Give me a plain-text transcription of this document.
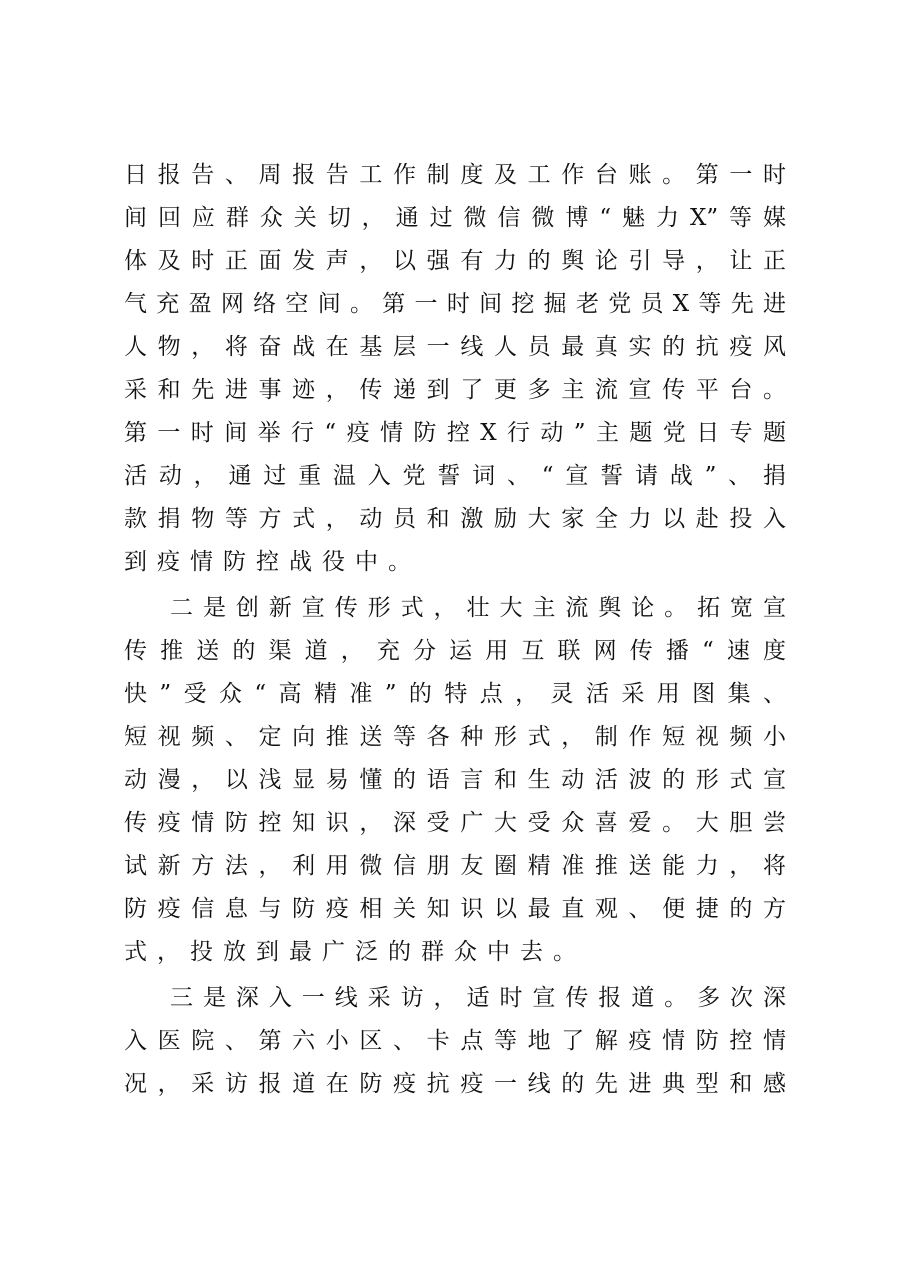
日报告、周报告工作制度及工作台账。第一时
间回应群众关切，通过微信微博“魅力X”等媒
体及时正面发声，以强有力的舆论引导，让正
气充盈网络空间。第一时间挖掘老党员X等先进
人物，将奋战在基层一线人员最真实的抗疫风
采和先进事迹，传递到了更多主流宣传平台。
第一时间举行“疫情防控X行动”主题党日专题
活动，通过重温入党誓词、“宣誓请战”、捐
款捐物等方式，动员和激励大家全力以赴投入
到疫情防控战役中。
二是创新宣传形式，壮大主流舆论。拓宽宣
传推送的渠道，充分运用互联网传播“速度
快”受众“高精准”的特点，灵活采用图集、
短视频、定向推送等各种形式，制作短视频小
动漫，以浅显易懂的语言和生动活波的形式宣
传疫情防控知识，深受广大受众喜爱。大胆尝
试新方法，利用微信朋友圈精准推送能力，将
防疫信息与防疫相关知识以最直观、便捷的方
式，投放到最广泛的群众中去。
三是深入一线采访，适时宣传报道。多次深
入医院、第六小区、卡点等地了解疫情防控情
况，采访报道在防疫抗疫一线的先进典型和感
